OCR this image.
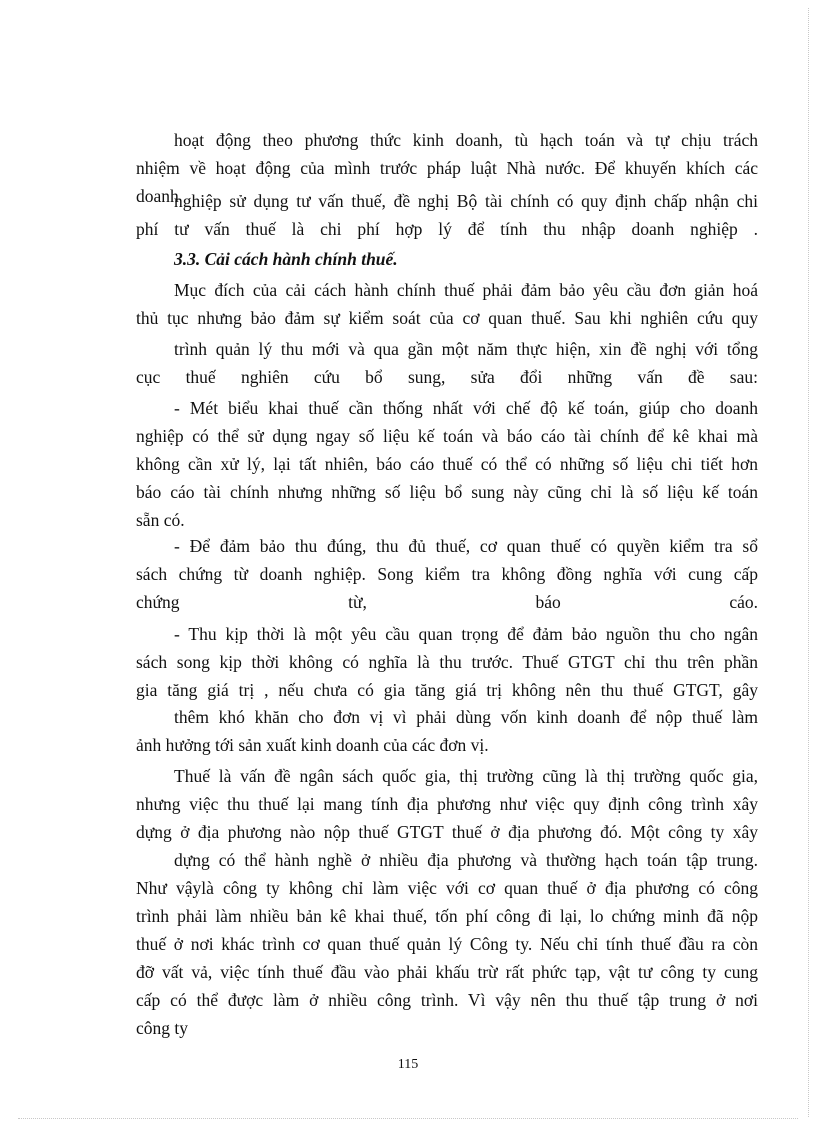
hoạt động theo phương thức kinh doanh, tù hạch toán và tự chịu trách

nhiệm về hoạt động của mình trước pháp luật Nhà nước. Để khuyến khích các

doanh

nghiệp sử dụng tư vấn thuế, đề nghị Bộ tài chính có quy định chấp nhận chi

phí tư vấn thuế là chi phí hợp lý để tính thu nhập doanh nghiệp .

3.3. Cải cách hành chính thuế.

Mục đích của cải cách hành chính thuế phải đảm bảo yêu cầu đơn giản hoá

thủ tục nhưng bảo đảm sự kiểm soát của cơ quan thuế. Sau khi nghiên cứu quy

trình quản lý thu mới và qua gần một năm thực hiện, xin đề nghị với tổng

cục thuế nghiên cứu bổ sung, sửa đổi những vấn đề sau:

- Mét biểu khai thuế cần thống nhất với chế độ kế toán, giúp cho doanh

nghiệp có thể sử dụng ngay số liệu kế toán và báo cáo tài chính để kê khai mà

không cần xử lý, lại tất nhiên, báo cáo thuế có thể có những số liệu chi tiết hơn

báo cáo tài chính nhưng những số liệu bổ sung này cũng chỉ là số liệu kế toán

sẵn có.

- Để đảm bảo thu đúng, thu đủ thuế, cơ quan thuế có quyền kiểm tra sổ

sách chứng từ doanh nghiệp. Song kiểm tra không đồng nghĩa với cung cấp

chứng từ, báo cáo.

- Thu kịp thời là một yêu cầu quan trọng để đảm bảo nguồn thu cho ngân

sách song kịp thời không có nghĩa là thu trước. Thuế GTGT chỉ thu trên phần

gia tăng giá trị , nếu chưa có gia tăng giá trị không nên thu thuế GTGT, gây

thêm khó khăn cho đơn vị vì phải dùng vốn kinh doanh để nộp thuế làm

ảnh hưởng tới sản xuất kinh doanh của các đơn vị.

Thuế là vấn đề ngân sách quốc gia, thị trường cũng là thị trường quốc gia,

nhưng việc thu thuế lại mang tính địa phương như việc quy định công trình xây

dựng ở địa phương nào nộp thuế GTGT thuế ở địa phương đó. Một công ty xây

dựng có thể hành nghề ở nhiều địa phương và thường hạch toán tập trung.

Như vậylà công ty không chỉ làm việc với cơ quan thuế ở địa phương có công

trình phải làm nhiều bản kê khai thuế, tốn phí công đi lại, lo chứng minh đã nộp

thuế ở nơi khác trình cơ quan thuế quản lý Công ty. Nếu chỉ tính thuế đầu ra còn

đỡ vất vả, việc tính thuế đầu vào phải khấu trừ rất phức tạp, vật tư công ty cung

cấp có thể được làm ở nhiều công trình. Vì vậy nên thu thuế tập trung ở nơi

công ty

115
